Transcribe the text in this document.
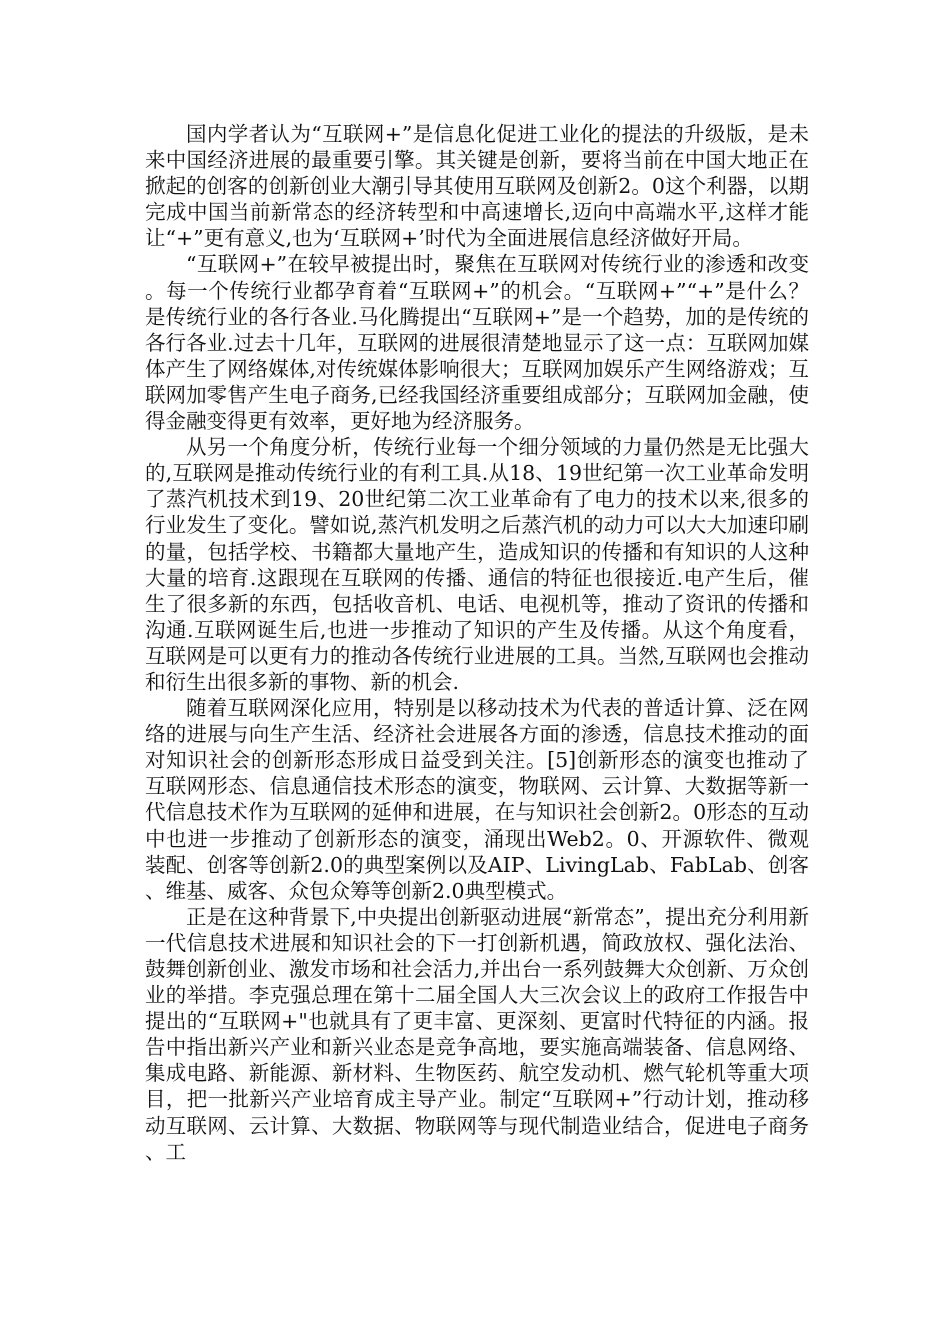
国内学者认为“互联网+”是信息化促进工业化的提法的升级版，是未来中国经济进展的最重要引擎。其关键是创新，要将当前在中国大地正在掀起的创客的创新创业大潮引导其使用互联网及创新2。0这个利器，以期完成中国当前新常态的经济转型和中高速增长,迈向中高端水平,这样才能让“+”更有意义,也为‘互联网+’时代为全面进展信息经济做好开局。

“互联网+”在较早被提出时，聚焦在互联网对传统行业的渗透和改变。每一个传统行业都孕育着“互联网+”的机会。“互联网+”“+”是什么？是传统行业的各行各业.马化腾提出“互联网+”是一个趋势，加的是传统的各行各业.过去十几年，互联网的进展很清楚地显示了这一点：互联网加媒体产生了网络媒体,对传统媒体影响很大；互联网加娱乐产生网络游戏；互联网加零售产生电子商务,已经我国经济重要组成部分；互联网加金融，使得金融变得更有效率，更好地为经济服务。

从另一个角度分析，传统行业每一个细分领域的力量仍然是无比强大的,互联网是推动传统行业的有利工具.从18、19世纪第一次工业革命发明了蒸汽机技术到19、20世纪第二次工业革命有了电力的技术以来,很多的行业发生了变化。譬如说,蒸汽机发明之后蒸汽机的动力可以大大加速印刷的量，包括学校、书籍都大量地产生，造成知识的传播和有知识的人这种大量的培育.这跟现在互联网的传播、通信的特征也很接近.电产生后，催生了很多新的东西，包括收音机、电话、电视机等，推动了资讯的传播和沟通.互联网诞生后,也进一步推动了知识的产生及传播。从这个角度看，互联网是可以更有力的推动各传统行业进展的工具。当然,互联网也会推动和衍生出很多新的事物、新的机会.

随着互联网深化应用，特别是以移动技术为代表的普适计算、泛在网络的进展与向生产生活、经济社会进展各方面的渗透，信息技术推动的面对知识社会的创新形态形成日益受到关注。[5]创新形态的演变也推动了互联网形态、信息通信技术形态的演变，物联网、云计算、大数据等新一代信息技术作为互联网的延伸和进展，在与知识社会创新2。0形态的互动中也进一步推动了创新形态的演变，涌现出Web2。0、开源软件、微观装配、创客等创新2.0的典型案例以及AIP、LivingLab、FabLab、创客、维基、威客、众包众筹等创新2.0典型模式。

正是在这种背景下,中央提出创新驱动进展“新常态”，提出充分利用新一代信息技术进展和知识社会的下一打创新机遇，简政放权、强化法治、鼓舞创新创业、激发市场和社会活力,并出台一系列鼓舞大众创新、万众创业的举措。李克强总理在第十二届全国人大三次会议上的政府工作报告中提出的“互联网+"也就具有了更丰富、更深刻、更富时代特征的内涵。报告中指出新兴产业和新兴业态是竞争高地，要实施高端装备、信息网络、集成电路、新能源、新材料、生物医药、航空发动机、燃气轮机等重大项目，把一批新兴产业培育成主导产业。制定“互联网+”行动计划，推动移动互联网、云计算、大数据、物联网等与现代制造业结合，促进电子商务、工
